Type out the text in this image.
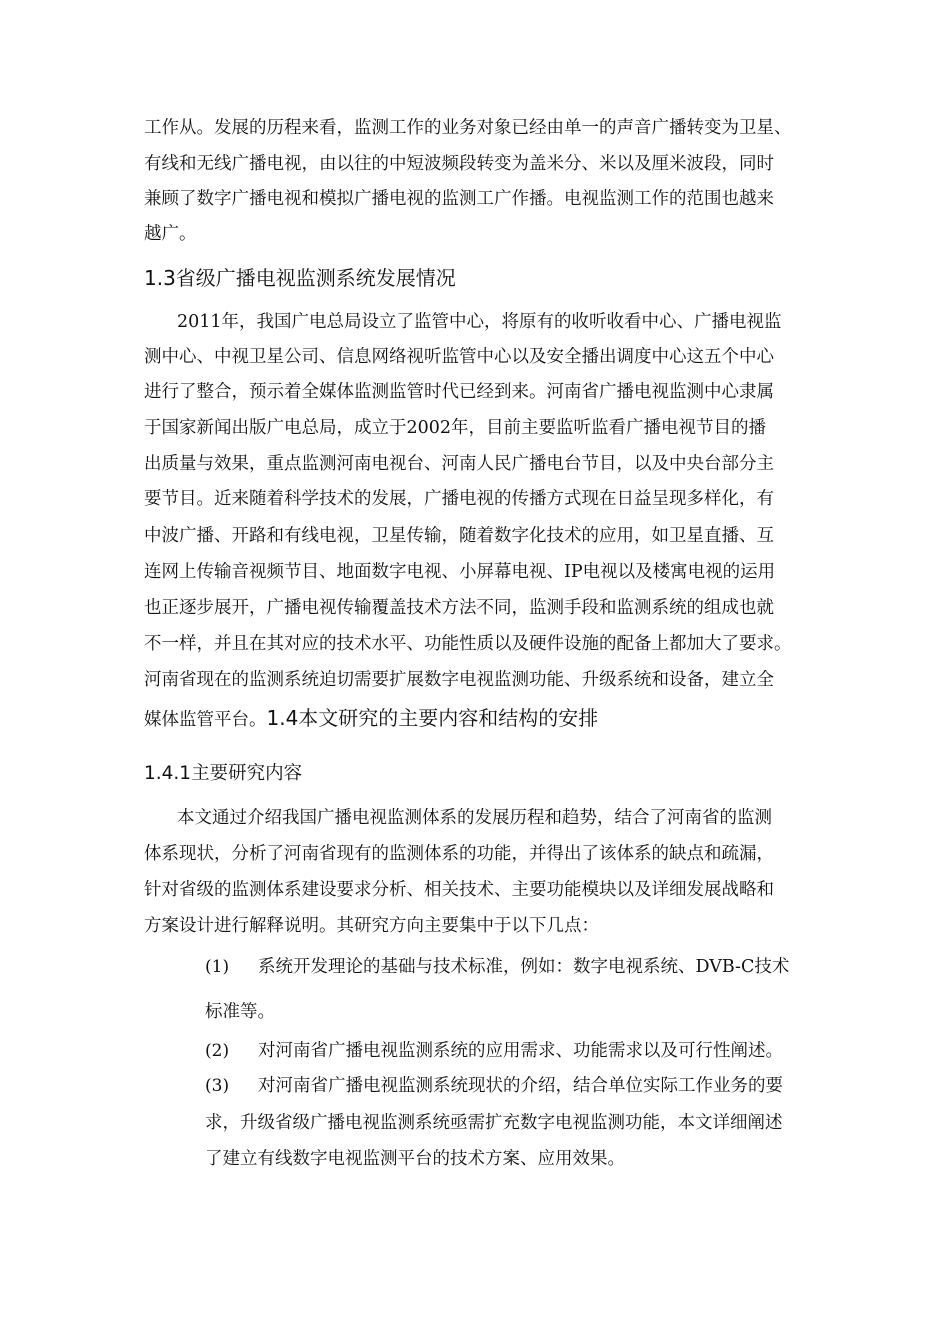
工作从。发展的历程来看，监测工作的业务对象已经由单一的声音广播转变为卫星、
有线和无线广播电视，由以往的中短波频段转变为盖米分、米以及厘米波段，同时
兼顾了数字广播电视和模拟广播电视的监测工广作播。电视监测工作的范围也越来
越广。
1.3省级广播电视监测系统发展情况
2011年，我国广电总局设立了监管中心，将原有的收听收看中心、广播电视监
测中心、中视卫星公司、信息网络视听监管中心以及安全播出调度中心这五个中心
进行了整合，预示着全媒体监测监管时代已经到来。河南省广播电视监测中心隶属
于国家新闻出版广电总局，成立于2002年，目前主要监听监看广播电视节目的播
出质量与效果，重点监测河南电视台、河南人民广播电台节目，以及中央台部分主
要节目。近来随着科学技术的发展，广播电视的传播方式现在日益呈现多样化，有
中波广播、开路和有线电视，卫星传输，随着数字化技术的应用，如卫星直播、互
连网上传输音视频节目、地面数字电视、小屏幕电视、IP电视以及楼寓电视的运用
也正逐步展开，广播电视传输覆盖技术方法不同，监测手段和监测系统的组成也就
不一样，并且在其对应的技术水平、功能性质以及硬件设施的配备上都加大了要求。
河南省现在的监测系统迫切需要扩展数字电视监测功能、升级系统和设备，建立全
媒体监管平台。1.4本文研究的主要内容和结构的安排
1.4.1主要研究内容
本文通过介绍我国广播电视监测体系的发展历程和趋势，结合了河南省的监测
体系现状，分析了河南省现有的监测体系的功能，并得出了该体系的缺点和疏漏，
针对省级的监测体系建设要求分析、相关技术、主要功能模块以及详细发展战略和
方案设计进行解释说明。其研究方向主要集中于以下几点：
(1) 系统开发理论的基础与技术标准，例如：数字电视系统、DVB-C技术
标准等。
(2) 对河南省广播电视监测系统的应用需求、功能需求以及可行性阐述。
(3) 对河南省广播电视监测系统现状的介绍，结合单位实际工作业务的要
求，升级省级广播电视监测系统亟需扩充数字电视监测功能，本文详细阐述
了建立有线数字电视监测平台的技术方案、应用效果。
